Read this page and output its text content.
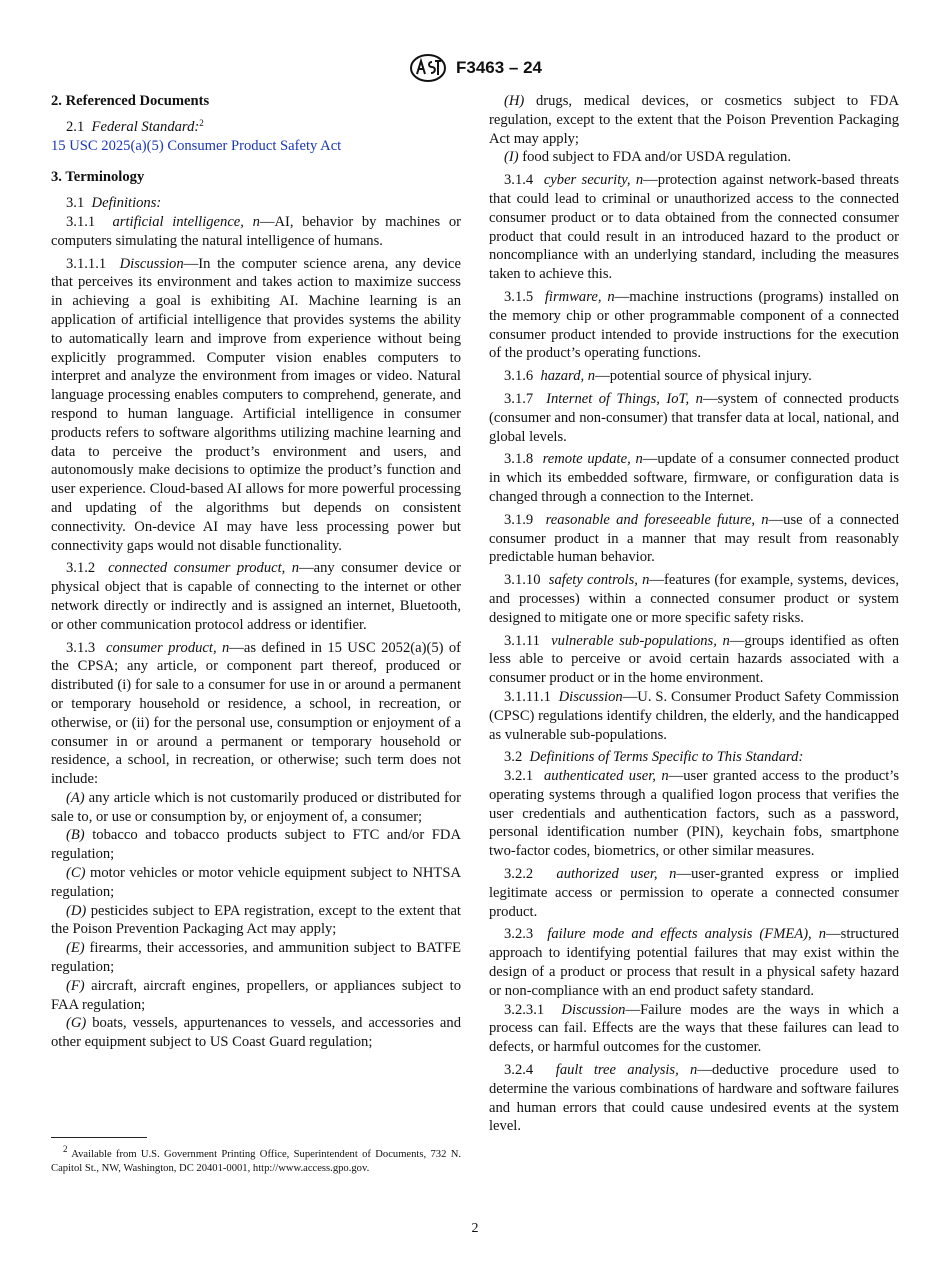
F3463 – 24

2. Referenced Documents

2.1 Federal Standard:$^2$

15 USC 2025(a)(5) Consumer Product Safety Act

3. Terminology

3.1 Definitions:

3.1.1 artificial intelligence, n—AI, behavior by machines or computers simulating the natural intelligence of humans.

3.1.1.1 Discussion—In the computer science arena, any device that perceives its environment and takes action to maximize success in achieving a goal is exhibiting AI. Machine learning is an application of artificial intelligence that provides systems the ability to automatically learn and improve from experience without being explicitly programmed. Computer vision enables computers to interpret and analyze the environment from images or video. Natural language processing enables computers to comprehend, generate, and respond to human language. Artificial intelligence in consumer products refers to software algorithms utilizing machine learning and data to perceive the product’s environment and users, and autonomously make decisions to optimize the product’s function and user experience. Cloud-based AI allows for more powerful processing and updating of the algorithms but depends on consistent connectivity. On-device AI may have less processing power but connectivity gaps would not disable functionality.

3.1.2 connected consumer product, n—any consumer device or physical object that is capable of connecting to the internet or other network directly or indirectly and is assigned an internet, Bluetooth, or other communication protocol address or identifier.

3.1.3 consumer product, n—as defined in 15 USC 2052(a)(5) of the CPSA; any article, or component part thereof, produced or distributed (i) for sale to a consumer for use in or around a permanent or temporary household or residence, a school, in recreation, or otherwise, or (ii) for the personal use, consumption or enjoyment of a consumer in or around a permanent or temporary household or residence, a school, in recreation, or otherwise; such term does not include:

(A) any article which is not customarily produced or distributed for sale to, or use or consumption by, or enjoyment of, a consumer;

(B) tobacco and tobacco products subject to FTC and/or FDA regulation;

(C) motor vehicles or motor vehicle equipment subject to NHTSA regulation;

(D) pesticides subject to EPA registration, except to the extent that the Poison Prevention Packaging Act may apply;

(E) firearms, their accessories, and ammunition subject to BATFE regulation;

(F) aircraft, aircraft engines, propellers, or appliances subject to FAA regulation;

(G) boats, vessels, appurtenances to vessels, and accessories and other equipment subject to US Coast Guard regulation;

(H) drugs, medical devices, or cosmetics subject to FDA regulation, except to the extent that the Poison Prevention Packaging Act may apply;

(I) food subject to FDA and/or USDA regulation.

3.1.4 cyber security, n—protection against network-based threats that could lead to criminal or unauthorized access to the connected consumer product or to data obtained from the connected consumer product that could result in an introduced hazard to the product or noncompliance with an underlying standard, including the measures taken to achieve this.

3.1.5 firmware, n—machine instructions (programs) installed on the memory chip or other programmable component of a connected consumer product intended to provide instructions for the execution of the product’s operating functions.

3.1.6 hazard, n—potential source of physical injury.

3.1.7 Internet of Things, IoT, n—system of connected products (consumer and non-consumer) that transfer data at local, national, and global levels.

3.1.8 remote update, n—update of a consumer connected product in which its embedded software, firmware, or configuration data is changed through a connection to the Internet.

3.1.9 reasonable and foreseeable future, n—use of a connected consumer product in a manner that may result from reasonably predictable human behavior.

3.1.10 safety controls, n—features (for example, systems, devices, and processes) within a connected consumer product or system designed to mitigate one or more specific safety risks.

3.1.11 vulnerable sub-populations, n—groups identified as often less able to perceive or avoid certain hazards associated with a consumer product or in the home environment.

3.1.11.1 Discussion—U. S. Consumer Product Safety Commission (CPSC) regulations identify children, the elderly, and the handicapped as vulnerable sub-populations.

3.2 Definitions of Terms Specific to This Standard:

3.2.1 authenticated user, n—user granted access to the product’s operating systems through a qualified logon process that verifies the user credentials and authentication factors, such as a password, personal identification number (PIN), keychain fobs, smartphone two-factor codes, biometrics, or other similar measures.

3.2.2 authorized user, n—user-granted express or implied legitimate access or permission to operate a connected consumer product.

3.2.3 failure mode and effects analysis (FMEA), n—structured approach to identifying potential failures that may exist within the design of a product or process that result in a physical safety hazard or non-compliance with an end product safety standard.

3.2.3.1 Discussion—Failure modes are the ways in which a process can fail. Effects are the ways that these failures can lead to defects, or harmful outcomes for the customer.

3.2.4 fault tree analysis, n—deductive procedure used to determine the various combinations of hardware and software failures and human errors that could cause undesired events at the system level.

$^2$ Available from U.S. Government Printing Office, Superintendent of Documents, 732 N. Capitol St., NW, Washington, DC 20401-0001, http://www.access.gpo.gov.
2
